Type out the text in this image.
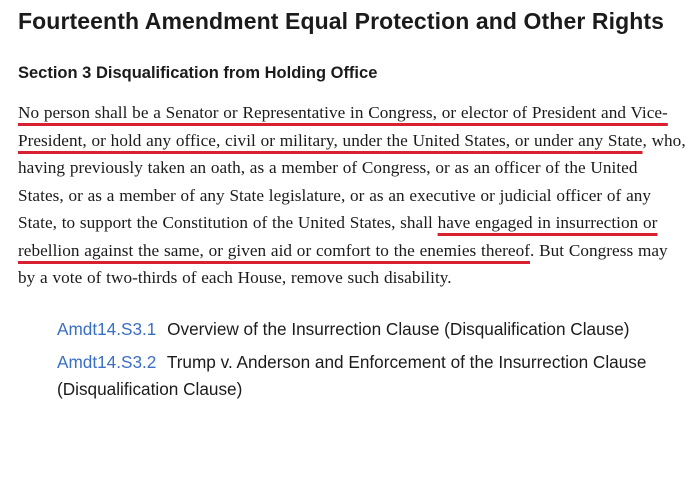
Fourteenth Amendment Equal Protection and Other Rights
Section 3 Disqualification from Holding Office

No person shall be a Senator or Representative in Congress, or elector of President and Vice-President, or hold any office, civil or military, under the United States, or under any State, who, having previously taken an oath, as a member of Congress, or as an officer of the United States, or as a member of any State legislature, or as an executive or judicial officer of any State, to support the Constitution of the United States, shall have engaged in insurrection or rebellion against the same, or given aid or comfort to the enemies thereof. But Congress may by a vote of two-thirds of each House, remove such disability.

Amdt14.S3.1 Overview of the Insurrection Clause (Disqualification Clause)
Amdt14.S3.2 Trump v. Anderson and Enforcement of the Insurrection Clause (Disqualification Clause)
